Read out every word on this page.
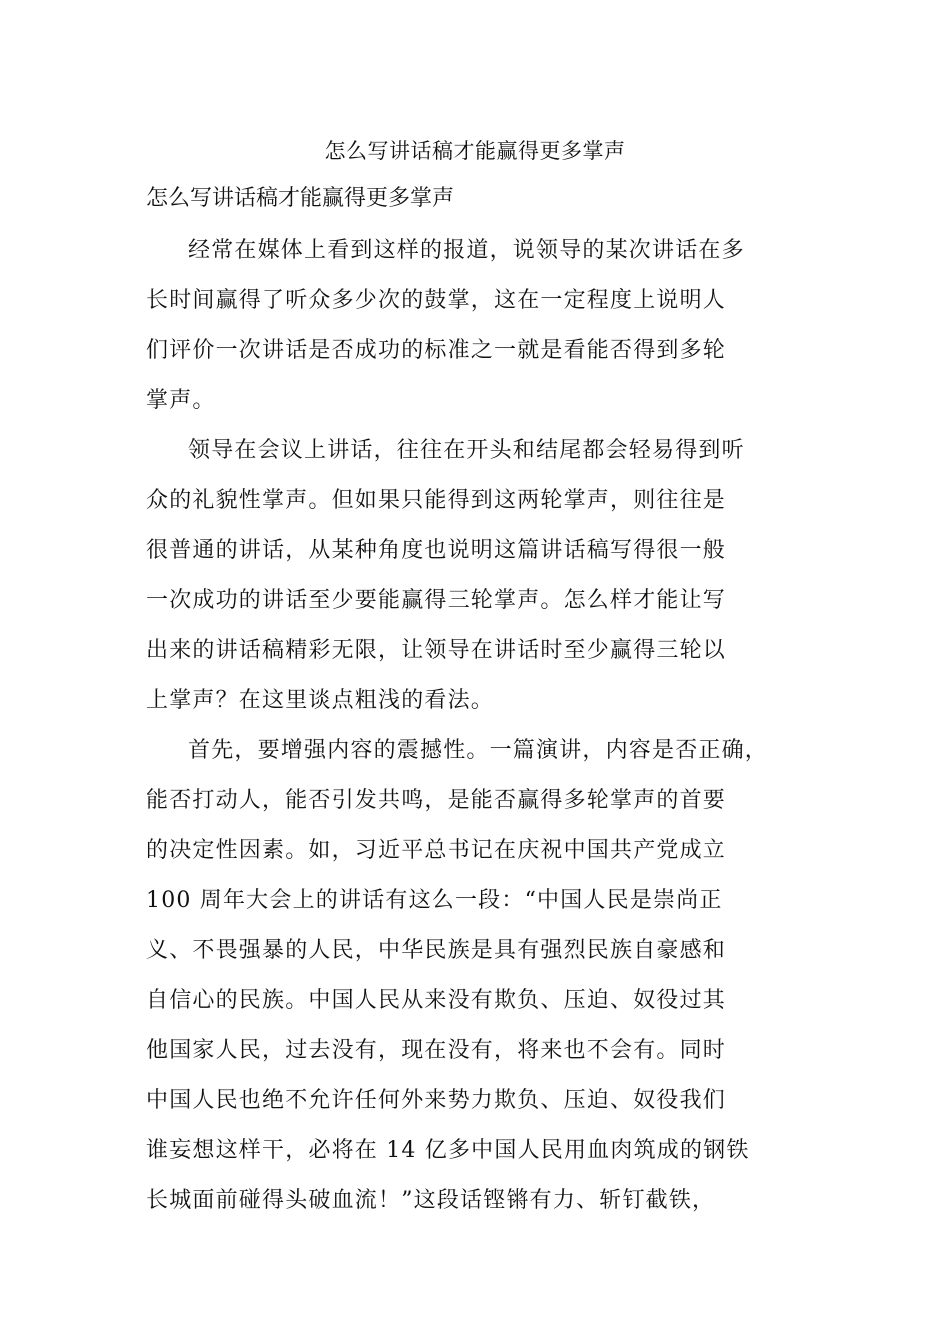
怎么写讲话稿才能赢得更多掌声

怎么写讲话稿才能赢得更多掌声

经常在媒体上看到这样的报道，说领导的某次讲话在多

长时间赢得了听众多少次的鼓掌，这在一定程度上说明人

们评价一次讲话是否成功的标准之一就是看能否得到多轮

掌声。

领导在会议上讲话，往往在开头和结尾都会轻易得到听

众的礼貌性掌声。但如果只能得到这两轮掌声，则往往是

很普通的讲话，从某种角度也说明这篇讲话稿写得很一般

一次成功的讲话至少要能赢得三轮掌声。怎么样才能让写

出来的讲话稿精彩无限，让领导在讲话时至少赢得三轮以

上掌声？在这里谈点粗浅的看法。

首先，要增强内容的震撼性。一篇演讲，内容是否正确，

能否打动人，能否引发共鸣，是能否赢得多轮掌声的首要

的决定性因素。如，习近平总书记在庆祝中国共产党成立

100 周年大会上的讲话有这么一段：“中国人民是崇尚正

义、不畏强暴的人民，中华民族是具有强烈民族自豪感和

自信心的民族。中国人民从来没有欺负、压迫、奴役过其

他国家人民，过去没有，现在没有，将来也不会有。同时

中国人民也绝不允许任何外来势力欺负、压迫、奴役我们

谁妄想这样干，必将在 14 亿多中国人民用血肉筑成的钢铁

长城面前碰得头破血流！”这段话铿锵有力、斩钉截铁，
